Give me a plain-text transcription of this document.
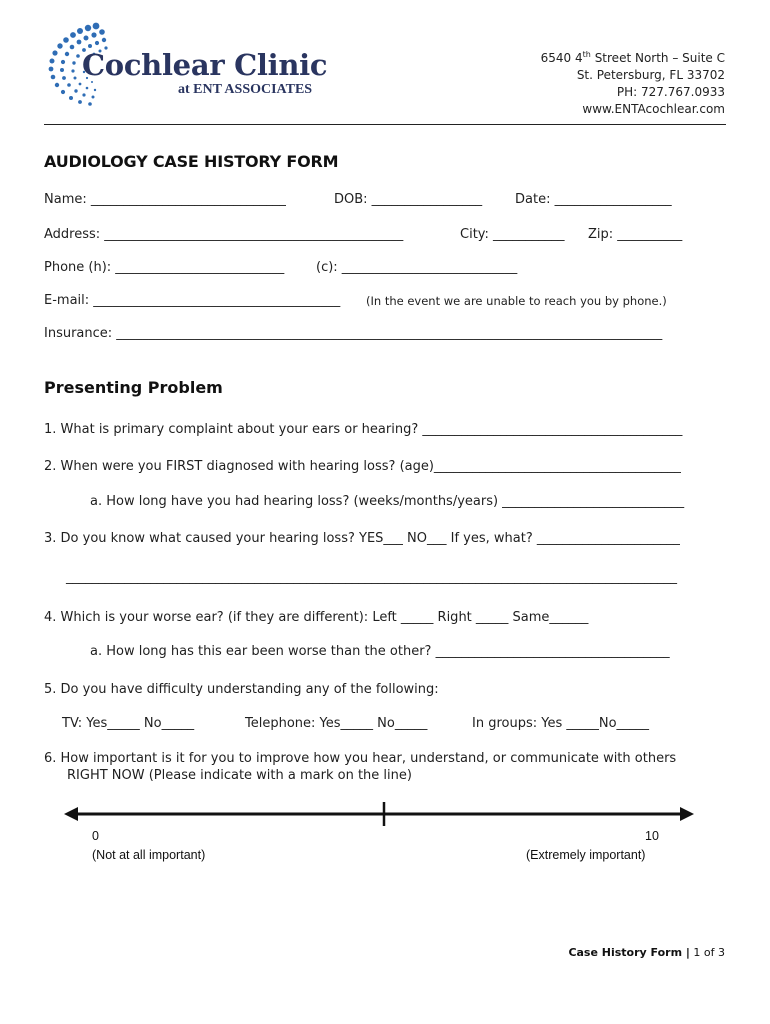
Cochlear Clinic
at ENT ASSOCIATES
6540 4th Street North – Suite C
St. Petersburg, FL 33702
PH: 727.767.0933
www.ENTAcochlear.com
AUDIOLOGY CASE HISTORY FORM
Name: ______________________________	DOB: _________________	Date: __________________
Address: ______________________________________________	City: ___________ Zip: __________
Phone (h): __________________________ (c): ___________________________
E-mail: ______________________________________ (In the event we are unable to reach you by phone.)
Insurance: ____________________________________________________________________________________
Presenting Problem
1. What is primary complaint about your ears or hearing? ________________________________________
2. When were you FIRST diagnosed with hearing loss? (age)______________________________________
a. How long have you had hearing loss? (weeks/months/years) ____________________________
3. Do you know what caused your hearing loss? YES___ NO___ If yes, what? ______________________
______________________________________________________________________________________________
4. Which is your worse ear? (if they are different): Left _____ Right _____ Same______
a. How long has this ear been worse than the other? ____________________________________
5. Do you have difficulty understanding any of the following:
TV: Yes_____ No_____	Telephone: Yes_____ No_____	In groups: Yes _____No_____
6. How important is it for you to improve how you hear, understand, or communicate with others
RIGHT NOW (Please indicate with a mark on the line)
0
(Not at all important)
10
(Extremely important)
Case History Form | 1 of 3
